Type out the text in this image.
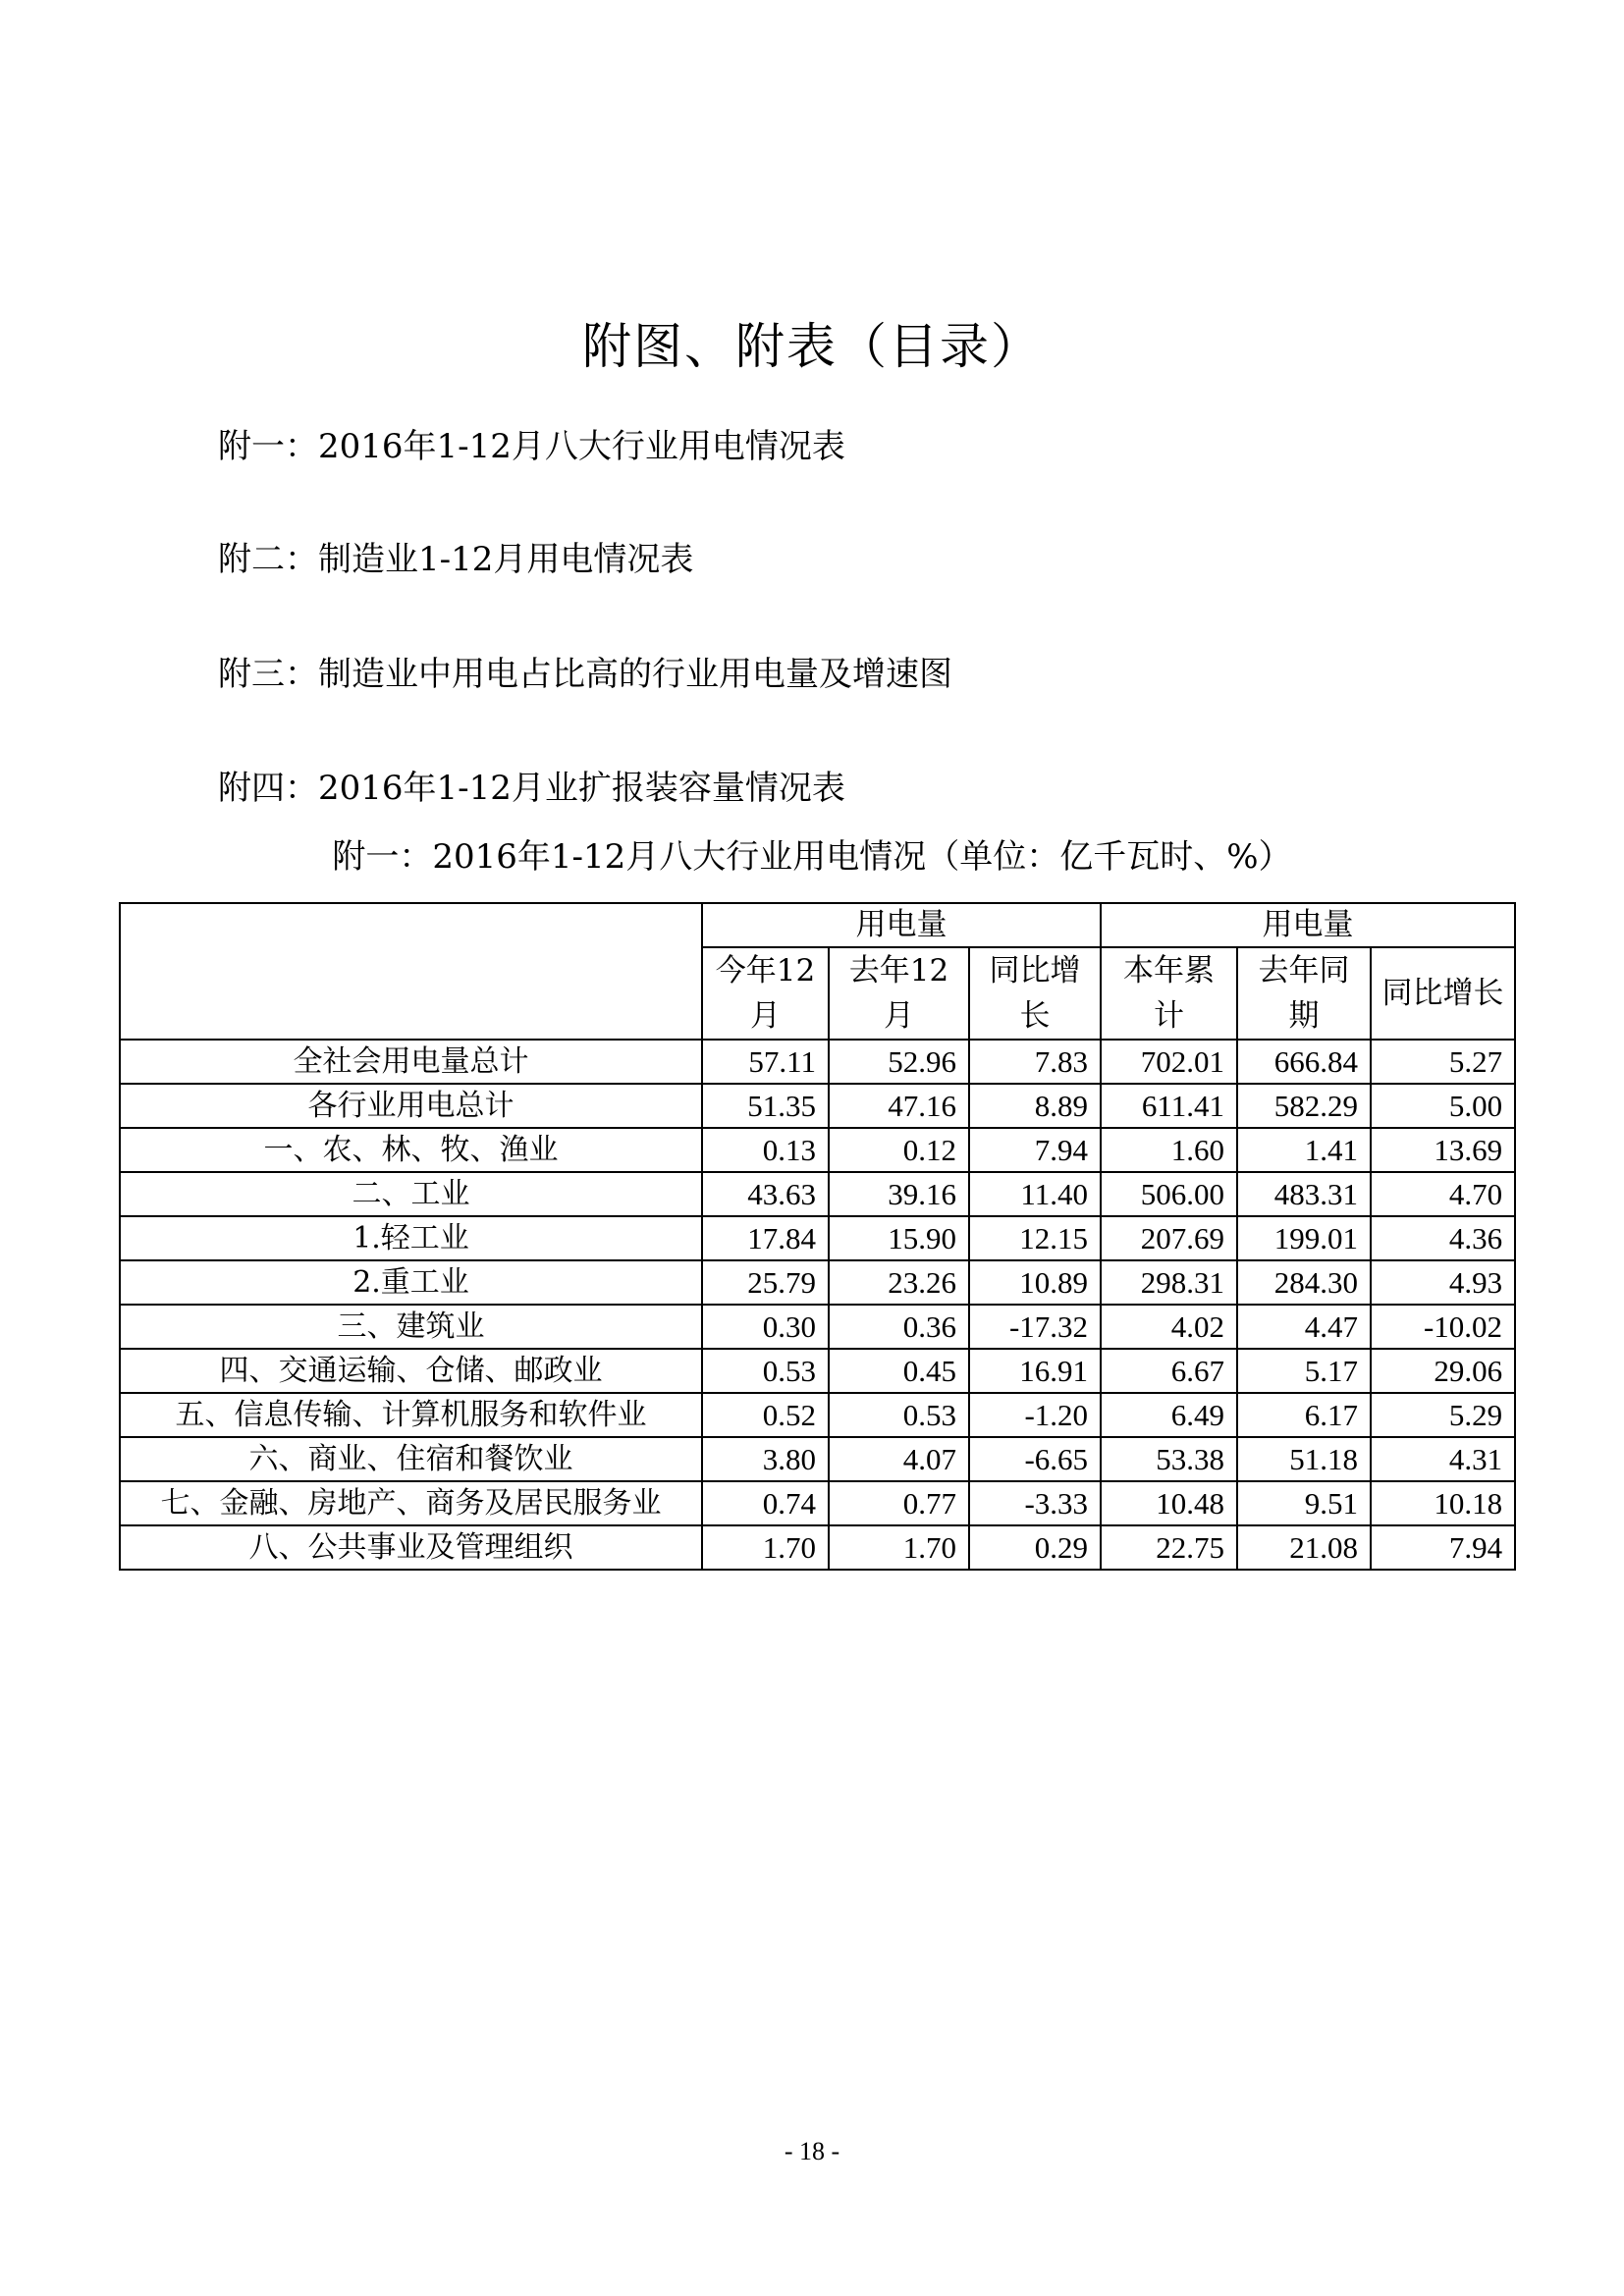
附图、附表（目录）
附一：2016年1-12月八大行业用电情况表
附二：制造业1-12月用电情况表
附三：制造业中用电占比高的行业用电量及增速图
附四：2016年1-12月业扩报装容量情况表
附一：2016年1-12月八大行业用电情况（单位：亿千瓦时、%）
	用电量			用电量		
	今年12月	去年12月	同比增长	本年累计	去年同期	同比增长
全社会用电量总计	57.11	52.96	7.83	702.01	666.84	5.27
各行业用电总计	51.35	47.16	8.89	611.41	582.29	5.00
一、农、林、牧、渔业	0.13	0.12	7.94	1.60	1.41	13.69
二、工业	43.63	39.16	11.40	506.00	483.31	4.70
1.轻工业	17.84	15.90	12.15	207.69	199.01	4.36
2.重工业	25.79	23.26	10.89	298.31	284.30	4.93
三、建筑业	0.30	0.36	-17.32	4.02	4.47	-10.02
四、交通运输、仓储、邮政业	0.53	0.45	16.91	6.67	5.17	29.06
五、信息传输、计算机服务和软件业	0.52	0.53	-1.20	6.49	6.17	5.29
六、商业、住宿和餐饮业	3.80	4.07	-6.65	53.38	51.18	4.31
七、金融、房地产、商务及居民服务业	0.74	0.77	-3.33	10.48	9.51	10.18
八、公共事业及管理组织	1.70	1.70	0.29	22.75	21.08	7.94
- 18 -
